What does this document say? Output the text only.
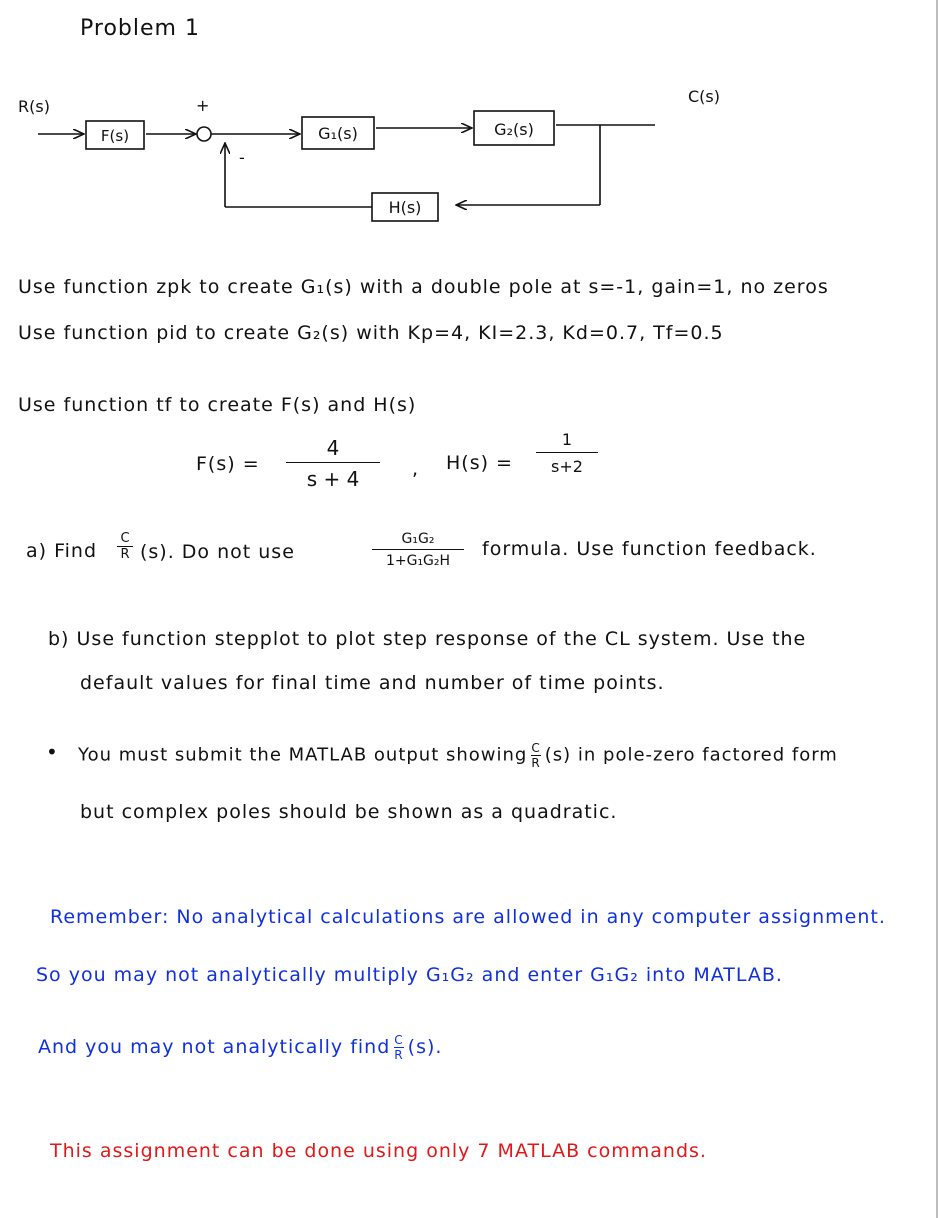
Problem 1
R(s)
F(s)
+
-
G₁(s)	G₂(s)
C(s)
H(s)
Use function zpk to create G₁(s) with a double pole at s=-1, gain=1, no zeros
Use function pid to create G₂(s) with Kp=4, KI=2.3, Kd=0.7, Tf=0.5
Use function tf to create F(s) and H(s)
F(s) =
4
s + 4	, H(s) =
1
s+2
a) Find
C
R (s). Do not use
G₁G₂
1+G₁G₂H
formula. Use function feedback.
b) Use function stepplot to plot step response of the CL system. Use the
default values for final time and number of time points.
• You must submit the MATLAB output showing $\frac{C}{R} (s)$ in pole-zero factored form
but complex poles should be shown as a quadratic.
Remember: No analytical calculations are allowed in any computer assignment.
So you may not analytically multiply G₁G₂ and enter G₁G₂ into MATLAB.
And you may not analytically find $\frac{C}{R} (s)$.
This assignment can be done using only 7 MATLAB commands.
